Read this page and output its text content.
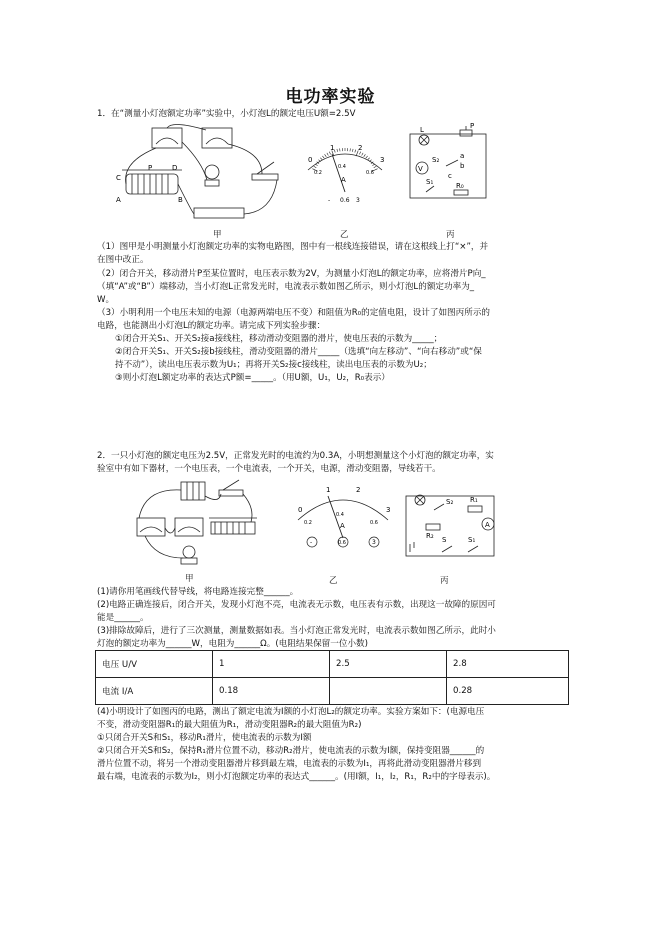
电功率实验
1．在“测量小灯泡额定功率”实验中，小灯泡L的额定电压U额=2.5V
C
P	D
A	B
甲
0
1	2
3
0.2
0.4
0.6
A
- 0.6 3
乙
P
L
V
S₂	a
b
c
S₁	R₀
丙
（1）图甲是小明测量小灯泡额定功率的实物电路图，图中有一根线连接错误，请在这根线上打“×”，并
在图中改正。
（2）闭合开关，移动滑片P至某位置时，电压表示数为2V，为测量小灯泡L的额定功率，应将滑片P向_
（填“A”或“B”）端移动，当小灯泡L正常发光时，电流表示数如图乙所示，则小灯泡L的额定功率为_
W。
（3）小明利用一个电压未知的电源（电源两端电压不变）和阻值为R₀的定值电阻，设计了如图丙所示的
电路，也能测出小灯泡L的额定功率。请完成下列实验步骤：
①闭合开关S₁、开关S₂接a接线柱，移动滑动变阻器的滑片，使电压表的示数为_____；
②闭合开关S₁、开关S₂接b接线柱，滑动变阻器的滑片_____（选填“向左移动”、“向右移动”或“保
持不动”），读出电压表示数为U₁；再将开关S₂接c接线柱，读出电压表的示数为U₂；
③则小灯泡L额定功率的表达式P额=_____。（用U额，U₁，U₂，R₀表示）
2．一只小灯泡的额定电压为2.5V，正常发光时的电流约为0.3A，小明想测量这个小灯泡的额定功率，实
验室中有如下器材，一个电压表，一个电流表，一个开关，电源，滑动变阻器，导线若干。
甲
0
1	2
3
0.2
0.4
0.6
A
-	0.6	3
乙
S₂ R₁
A
R₂ S	S₁
丙
(1)请你用笔画线代替导线，将电路连接完整______。
(2)电路正确连接后，闭合开关，发现小灯泡不亮，电流表无示数，电压表有示数，出现这一故障的原因可
能是______。
(3)排除故障后，进行了三次测量，测量数据如表。当小灯泡正常发光时，电流表示数如图乙所示，此时小
灯泡的额定功率为______W，电阻为______Ω。(电阻结果保留一位小数)
电压 U/V	1	2.5	2.8
电流 I/A	0.18		0.28
(4)小明设计了如图丙的电路，测出了额定电流为I额的小灯泡L₂的额定功率。实验方案如下：(电源电压
不变，滑动变阻器R₁的最大阻值为R₁，滑动变阻器R₂的最大阻值为R₂)
①只闭合开关S和S₁，移动R₁滑片，使电流表的示数为I额
②只闭合开关S和S₂，保持R₁滑片位置不动，移动R₂滑片，使电流表的示数为I额，保持变阻器______的
滑片位置不动，将另一个滑动变阻器滑片移到最左端，电流表的示数为I₁，再将此滑动变阻器滑片移到
最右端，电流表的示数为I₂，则小灯泡额定功率的表达式______。(用I额，I₁，I₂，R₁，R₂中的字母表示)。
